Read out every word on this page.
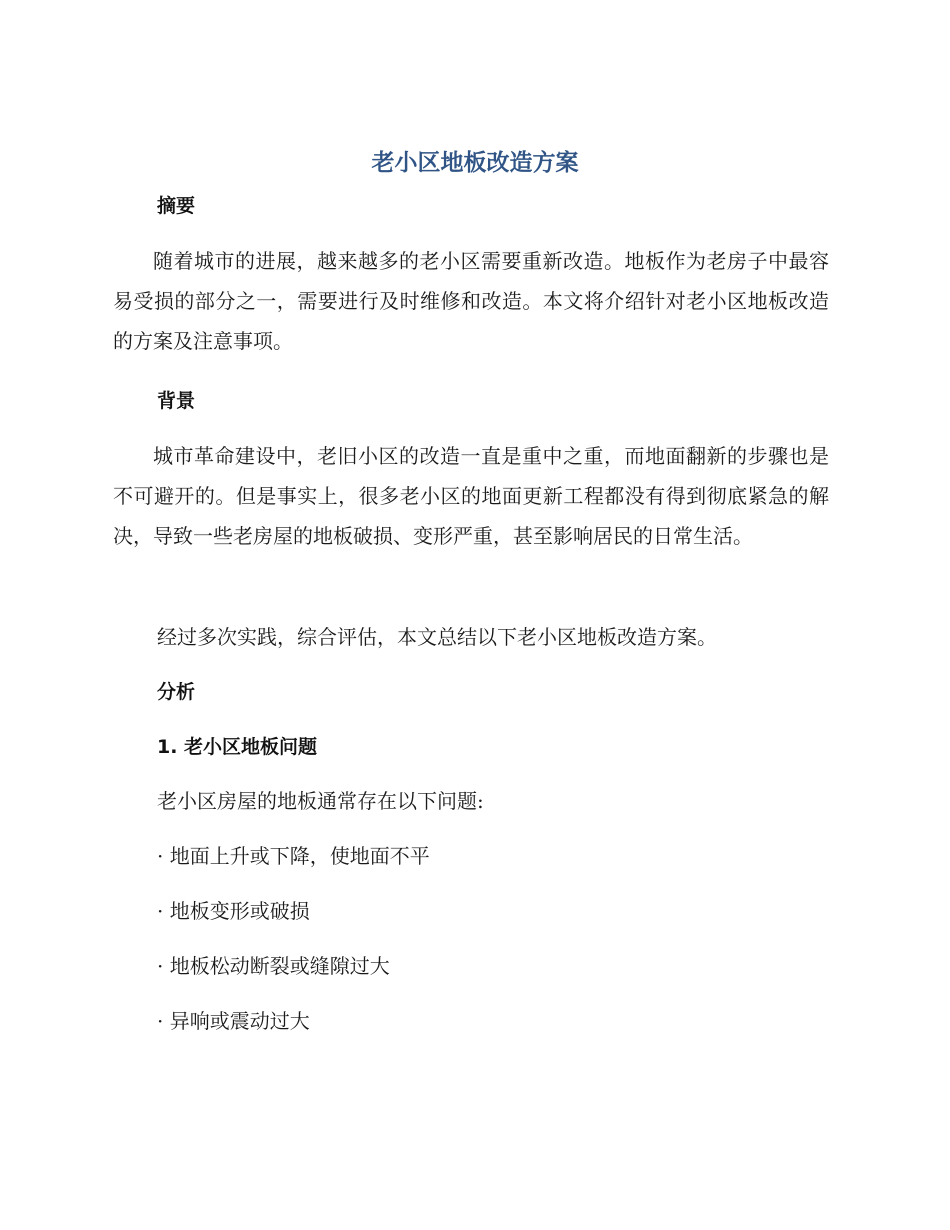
老小区地板改造方案
摘要
随着城市的进展，越来越多的老小区需要重新改造。地板作为老房子中最容易受损的部分之一，需要进行及时维修和改造。本文将介绍针对老小区地板改造的方案及注意事项。
背景
城市革命建设中，老旧小区的改造一直是重中之重，而地面翻新的步骤也是不可避开的。但是事实上，很多老小区的地面更新工程都没有得到彻底紧急的解决，导致一些老房屋的地板破损、变形严重，甚至影响居民的日常生活。
经过多次实践，综合评估，本文总结以下老小区地板改造方案。
分析
1. 老小区地板问题
老小区房屋的地板通常存在以下问题:
· 地面上升或下降，使地面不平
· 地板变形或破损
· 地板松动断裂或缝隙过大
· 异响或震动过大
